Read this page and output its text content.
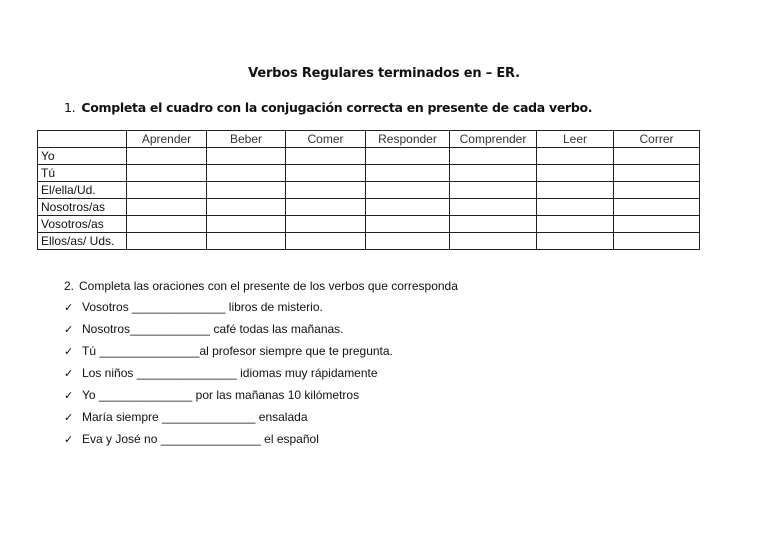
Verbos Regulares terminados en – ER.
1. Completa el cuadro con la conjugación correcta en presente de cada verbo.
	Aprender	Beber	Comer	Responder	Comprender	Leer	Correr
Yo							
Tú							
El/ella/Ud.							
Nosotros/as							
Vosotros/as							
Ellos/as/ Uds.							
2. Completa las oraciones con el presente de los verbos que corresponda
✓ Vosotros ______________ libros de misterio.
✓ Nosotros____________ café todas las mañanas.
✓ Tú _______________al profesor siempre que te pregunta.
✓ Los niños _______________ idiomas muy rápidamente
✓ Yo ______________ por las mañanas 10 kilómetros
✓ María siempre ______________ ensalada
✓ Eva y José no _______________ el español
